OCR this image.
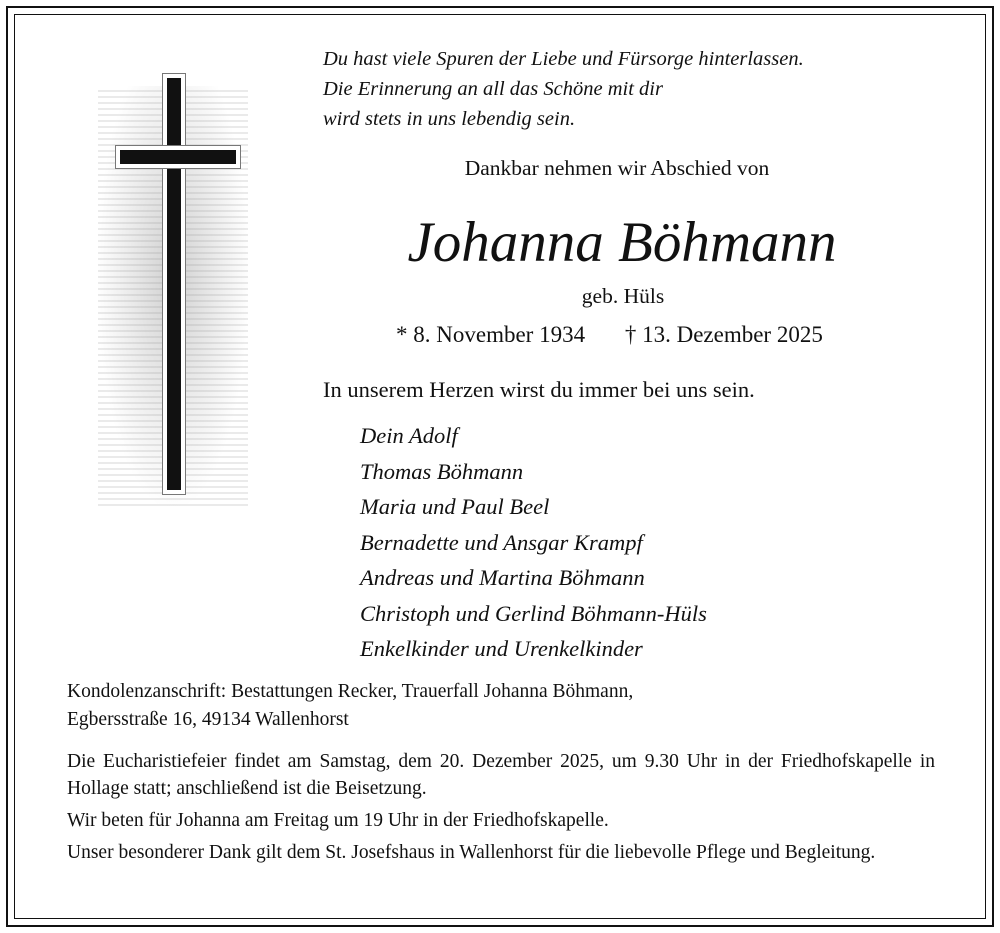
Du hast viele Spuren der Liebe und Fürsorge hinterlassen.
Die Erinnerung an all das Schöne mit dir
wird stets in uns lebendig sein.
Dankbar nehmen wir Abschied von
Johanna Böhmann
geb. Hüls
* 8. November 1934 † 13. Dezember 2025
In unserem Herzen wirst du immer bei uns sein.
Dein Adolf
Thomas Böhmann
Maria und Paul Beel
Bernadette und Ansgar Krampf
Andreas und Martina Böhmann
Christoph und Gerlind Böhmann-Hüls
Enkelkinder und Urenkelkinder
Kondolenzanschrift: Bestattungen Recker, Trauerfall Johanna Böhmann,
Egbersstraße 16, 49134 Wallenhorst

Die Eucharistiefeier findet am Samstag, dem 20. Dezember 2025, um 9.30 Uhr in der Friedhofskapelle in Hollage statt; anschließend ist die Beisetzung.

Wir beten für Johanna am Freitag um 19 Uhr in der Friedhofskapelle.

Unser besonderer Dank gilt dem St. Josefshaus in Wallenhorst für die liebevolle Pflege und Begleitung.
